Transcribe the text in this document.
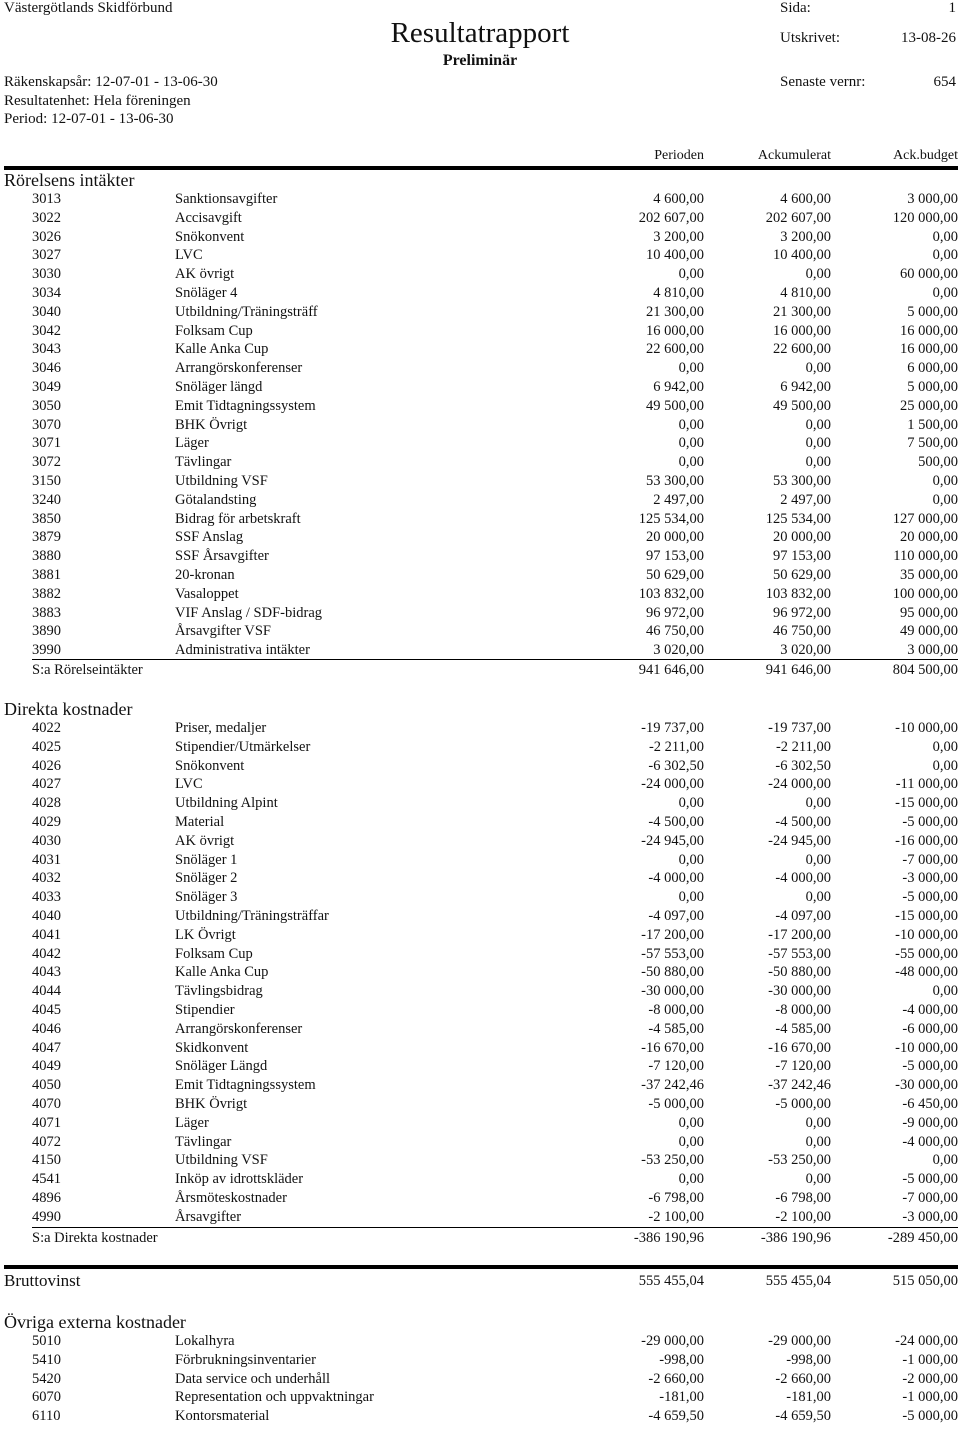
Västergötlands Skidförbund
Resultatrapport
Preliminär
Sida:	1
Utskrivet:	13-08-26
Senaste vernr:	654
Räkenskapsår: 12-07-01 - 13-06-30
Resultatenhet: Hela föreningen
Period: 12-07-01 - 13-06-30
Perioden	Ackumulerat	Ack.budget
Rörelsens intäkter
3013	Sanktionsavgifter	4 600,00	4 600,00	3 000,00
3022	Accisavgift	202 607,00	202 607,00	120 000,00
3026	Snökonvent	3 200,00	3 200,00	0,00
3027	LVC	10 400,00	10 400,00	0,00
3030	AK övrigt	0,00	0,00	60 000,00
3034	Snöläger 4	4 810,00	4 810,00	0,00
3040	Utbildning/Träningsträff	21 300,00	21 300,00	5 000,00
3042	Folksam Cup	16 000,00	16 000,00	16 000,00
3043	Kalle Anka Cup	22 600,00	22 600,00	16 000,00
3046	Arrangörskonferenser	0,00	0,00	6 000,00
3049	Snöläger längd	6 942,00	6 942,00	5 000,00
3050	Emit Tidtagningssystem	49 500,00	49 500,00	25 000,00
3070	BHK Övrigt	0,00	0,00	1 500,00
3071	Läger	0,00	0,00	7 500,00
3072	Tävlingar	0,00	0,00	500,00
3150	Utbildning VSF	53 300,00	53 300,00	0,00
3240	Götalandsting	2 497,00	2 497,00	0,00
3850	Bidrag för arbetskraft	125 534,00	125 534,00	127 000,00
3879	SSF Anslag	20 000,00	20 000,00	20 000,00
3880	SSF Årsavgifter	97 153,00	97 153,00	110 000,00
3881	20-kronan	50 629,00	50 629,00	35 000,00
3882	Vasaloppet	103 832,00	103 832,00	100 000,00
3883	VIF Anslag / SDF-bidrag	96 972,00	96 972,00	95 000,00
3890	Årsavgifter VSF	46 750,00	46 750,00	49 000,00
3990	Administrativa intäkter	3 020,00	3 020,00	3 000,00
S:a Rörelseintäkter	941 646,00	941 646,00	804 500,00
Direkta kostnader
4022	Priser, medaljer	-19 737,00	-19 737,00	-10 000,00
4025	Stipendier/Utmärkelser	-2 211,00	-2 211,00	0,00
4026	Snökonvent	-6 302,50	-6 302,50	0,00
4027	LVC	-24 000,00	-24 000,00	-11 000,00
4028	Utbildning Alpint	0,00	0,00	-15 000,00
4029	Material	-4 500,00	-4 500,00	-5 000,00
4030	AK övrigt	-24 945,00	-24 945,00	-16 000,00
4031	Snöläger 1	0,00	0,00	-7 000,00
4032	Snöläger 2	-4 000,00	-4 000,00	-3 000,00
4033	Snöläger 3	0,00	0,00	-5 000,00
4040	Utbildning/Träningsträffar	-4 097,00	-4 097,00	-15 000,00
4041	LK Övrigt	-17 200,00	-17 200,00	-10 000,00
4042	Folksam Cup	-57 553,00	-57 553,00	-55 000,00
4043	Kalle Anka Cup	-50 880,00	-50 880,00	-48 000,00
4044	Tävlingsbidrag	-30 000,00	-30 000,00	0,00
4045	Stipendier	-8 000,00	-8 000,00	-4 000,00
4046	Arrangörskonferenser	-4 585,00	-4 585,00	-6 000,00
4047	Skidkonvent	-16 670,00	-16 670,00	-10 000,00
4049	Snöläger Längd	-7 120,00	-7 120,00	-5 000,00
4050	Emit Tidtagningssystem	-37 242,46	-37 242,46	-30 000,00
4070	BHK Övrigt	-5 000,00	-5 000,00	-6 450,00
4071	Läger	0,00	0,00	-9 000,00
4072	Tävlingar	0,00	0,00	-4 000,00
4150	Utbildning VSF	-53 250,00	-53 250,00	0,00
4541	Inköp av idrottskläder	0,00	0,00	-5 000,00
4896	Årsmöteskostnader	-6 798,00	-6 798,00	-7 000,00
4990	Årsavgifter	-2 100,00	-2 100,00	-3 000,00
S:a Direkta kostnader	-386 190,96	-386 190,96	-289 450,00
Bruttovinst	555 455,04	555 455,04	515 050,00
Övriga externa kostnader
5010	Lokalhyra	-29 000,00	-29 000,00	-24 000,00
5410	Förbrukningsinventarier	-998,00	-998,00	-1 000,00
5420	Data service och underhåll	-2 660,00	-2 660,00	-2 000,00
6070	Representation och uppvaktningar	-181,00	-181,00	-1 000,00
6110	Kontorsmaterial	-4 659,50	-4 659,50	-5 000,00
